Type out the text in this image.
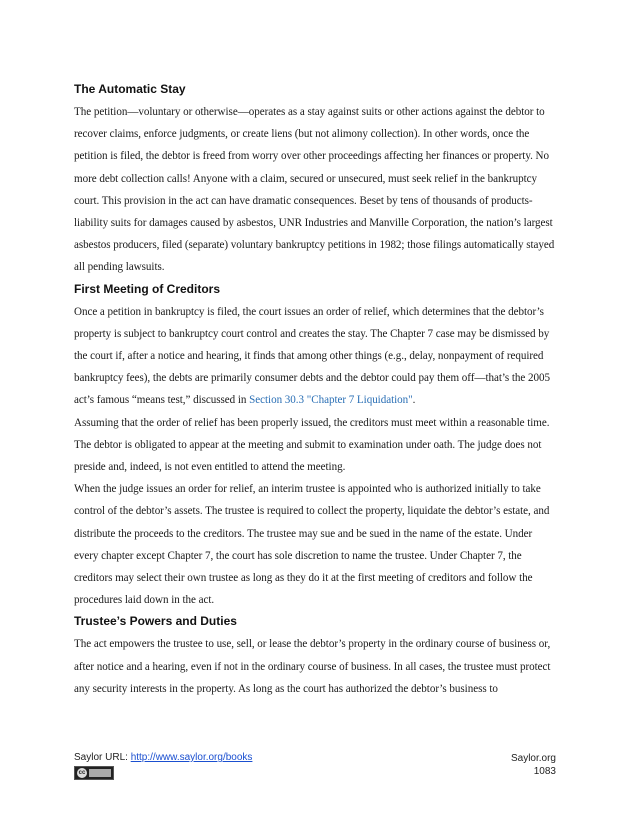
The Automatic Stay

The petition—voluntary or otherwise—operates as a stay against suits or other actions against the debtor to recover claims, enforce judgments, or create liens (but not alimony collection). In other words, once the petition is filed, the debtor is freed from worry over other proceedings affecting her finances or property. No more debt collection calls! Anyone with a claim, secured or unsecured, must seek relief in the bankruptcy court. This provision in the act can have dramatic consequences. Beset by tens of thousands of products-liability suits for damages caused by asbestos, UNR Industries and Manville Corporation, the nation’s largest asbestos producers, filed (separate) voluntary bankruptcy petitions in 1982; those filings automatically stayed all pending lawsuits.

First Meeting of Creditors

Once a petition in bankruptcy is filed, the court issues an order of relief, which determines that the debtor’s property is subject to bankruptcy court control and creates the stay. The Chapter 7 case may be dismissed by the court if, after a notice and hearing, it finds that among other things (e.g., delay, nonpayment of required bankruptcy fees), the debts are primarily consumer debts and the debtor could pay them off—that’s the 2005 act’s famous “means test,” discussed in Section 30.3 "Chapter 7 Liquidation".

Assuming that the order of relief has been properly issued, the creditors must meet within a reasonable time. The debtor is obligated to appear at the meeting and submit to examination under oath. The judge does not preside and, indeed, is not even entitled to attend the meeting.

When the judge issues an order for relief, an interim trustee is appointed who is authorized initially to take control of the debtor’s assets. The trustee is required to collect the property, liquidate the debtor’s estate, and distribute the proceeds to the creditors. The trustee may sue and be sued in the name of the estate. Under every chapter except Chapter 7, the court has sole discretion to name the trustee. Under Chapter 7, the creditors may select their own trustee as long as they do it at the first meeting of creditors and follow the procedures laid down in the act.

Trustee’s Powers and Duties

The act empowers the trustee to use, sell, or lease the debtor’s property in the ordinary course of business or, after notice and a hearing, even if not in the ordinary course of business. In all cases, the trustee must protect any security interests in the property. As long as the court has authorized the debtor’s business to

Saylor URL: http://www.saylor.org/books
cc
Saylor.org
1083
